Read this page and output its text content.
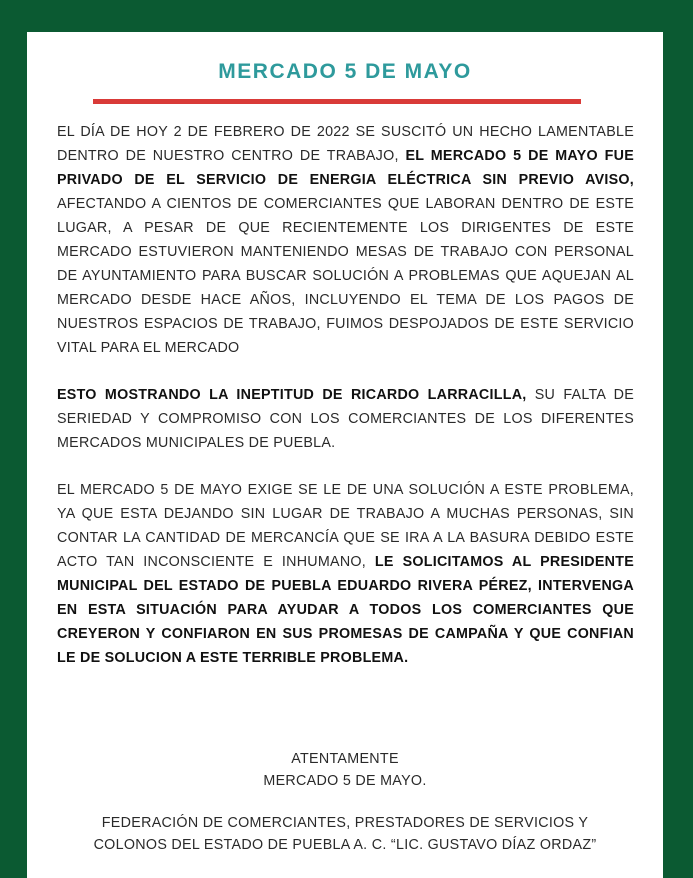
MERCADO 5 DE MAYO

EL DÍA DE HOY 2 DE FEBRERO DE 2022 SE SUSCITÓ UN HECHO LAMENTABLE DENTRO DE NUESTRO CENTRO DE TRABAJO, EL MERCADO 5 DE MAYO FUE PRIVADO DE EL SERVICIO DE ENERGIA ELÉCTRICA SIN PREVIO AVISO, AFECTANDO A CIENTOS DE COMERCIANTES QUE LABORAN DENTRO DE ESTE LUGAR, A PESAR DE QUE RECIENTEMENTE LOS DIRIGENTES DE ESTE MERCADO ESTUVIERON MANTENIENDO MESAS DE TRABAJO CON PERSONAL DE AYUNTAMIENTO PARA BUSCAR SOLUCIÓN A PROBLEMAS QUE AQUEJAN AL MERCADO DESDE HACE AÑOS, INCLUYENDO EL TEMA DE LOS PAGOS DE NUESTROS ESPACIOS DE TRABAJO, FUIMOS DESPOJADOS DE ESTE SERVICIO VITAL PARA EL MERCADO

ESTO MOSTRANDO LA INEPTITUD DE RICARDO LARRACILLA, SU FALTA DE SERIEDAD Y COMPROMISO CON LOS COMERCIANTES DE LOS DIFERENTES MERCADOS MUNICIPALES DE PUEBLA.

EL MERCADO 5 DE MAYO EXIGE SE LE DE UNA SOLUCIÓN A ESTE PROBLEMA, YA QUE ESTA DEJANDO SIN LUGAR DE TRABAJO A MUCHAS PERSONAS, SIN CONTAR LA CANTIDAD DE MERCANCÍA QUE SE IRA A LA BASURA DEBIDO ESTE ACTO TAN INCONSCIENTE E INHUMANO, LE SOLICITAMOS AL PRESIDENTE MUNICIPAL DEL ESTADO DE PUEBLA EDUARDO RIVERA PÉREZ, INTERVENGA EN ESTA SITUACIÓN PARA AYUDAR A TODOS LOS COMERCIANTES QUE CREYERON Y CONFIARON EN SUS PROMESAS DE CAMPAÑA Y QUE CONFIAN LE DE SOLUCION A ESTE TERRIBLE PROBLEMA.

ATENTAMENTE
MERCADO 5 DE MAYO.
FEDERACIÓN DE COMERCIANTES, PRESTADORES DE SERVICIOS Y
COLONOS DEL ESTADO DE PUEBLA A. C. “LIC. GUSTAVO DÍAZ ORDAZ”
